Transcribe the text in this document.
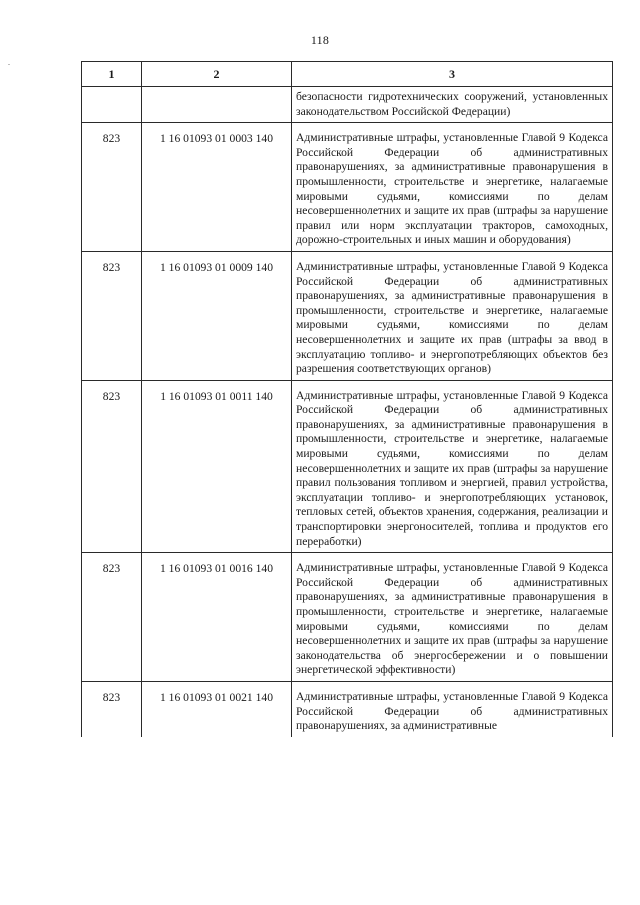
118
.
1	2	3
		безопасности гидротехнических сооружений, установленных законодательством Российской Федерации)
823	1 16 01093 01 0003 140	Административные штрафы, установленные Главой 9 Кодекса Российской Федерации об административных правонарушениях, за административные правонарушения в промышленности, строительстве и энергетике, налагаемые мировыми судьями, комиссиями по делам несовершеннолетних и защите их прав (штрафы за нарушение правил или норм эксплуатации тракторов, самоходных, дорожно-строительных и иных машин и оборудования)
823	1 16 01093 01 0009 140	Административные штрафы, установленные Главой 9 Кодекса Российской Федерации об административных правонарушениях, за административные правонарушения в промышленности, строительстве и энергетике, налагаемые мировыми судьями, комиссиями по делам несовершеннолетних и защите их прав (штрафы за ввод в эксплуатацию топливо- и энергопотребляющих объектов без разрешения соответствующих органов)
823	1 16 01093 01 0011 140	Административные штрафы, установленные Главой 9 Кодекса Российской Федерации об административных правонарушениях, за административные правонарушения в промышленности, строительстве и энергетике, налагаемые мировыми судьями, комиссиями по делам несовершеннолетних и защите их прав (штрафы за нарушение правил пользования топливом и энергией, правил устройства, эксплуатации топливо- и энергопотребляющих установок, тепловых сетей, объектов хранения, содержания, реализации и транспортировки энергоносителей, топлива и продуктов его переработки)
823	1 16 01093 01 0016 140	Административные штрафы, установленные Главой 9 Кодекса Российской Федерации об административных правонарушениях, за административные правонарушения в промышленности, строительстве и энергетике, налагаемые мировыми судьями, комиссиями по делам несовершеннолетних и защите их прав (штрафы за нарушение законодательства об энергосбережении и о повышении энергетической эффективности)
823	1 16 01093 01 0021 140	Административные штрафы, установленные Главой 9 Кодекса Российской Федерации об административных правонарушениях, за административные
